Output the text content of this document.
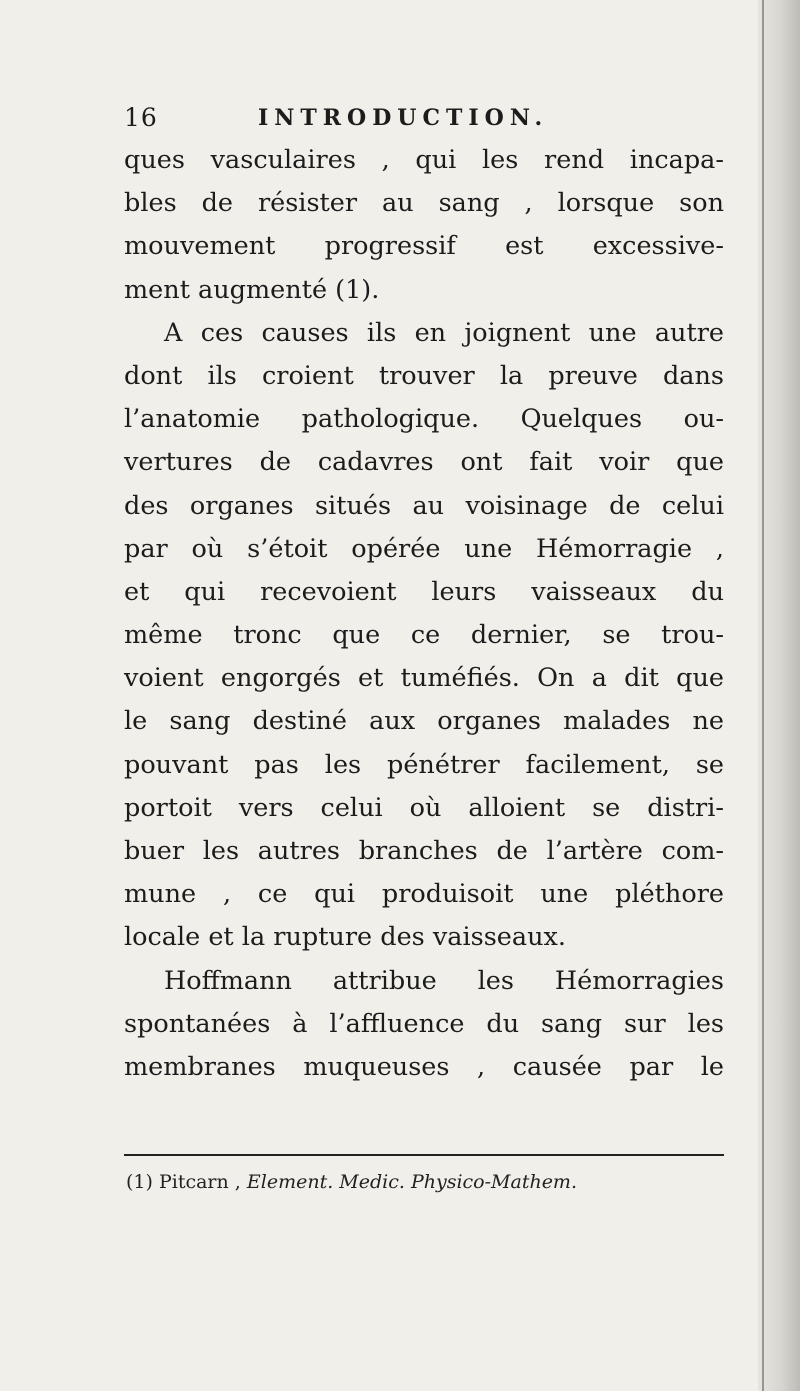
16	INTRODUCTION.
ques vasculaires , qui les rend incapa-
bles de résister au sang , lorsque son
mouvement progressif est excessive-
ment augmenté (1).
A ces causes ils en joignent une autre
dont ils croient trouver la preuve dans
l’anatomie pathologique. Quelques ou-
vertures de cadavres ont fait voir que
des organes situés au voisinage de celui
par où s’étoit opérée une Hémorragie ,
et qui recevoient leurs vaisseaux du
même tronc que ce dernier, se trou-
voient engorgés et tuméfiés. On a dit que
le sang destiné aux organes malades ne
pouvant pas les pénétrer facilement, se
portoit vers celui où alloient se distri-
buer les autres branches de l’artère com-
mune , ce qui produisoit une pléthore
locale et la rupture des vaisseaux.
Hoffmann attribue les Hémorragies
spontanées à l’affluence du sang sur les
membranes muqueuses , causée par le
(1) Pitcarn , Element. Medic. Physico-Mathem.
